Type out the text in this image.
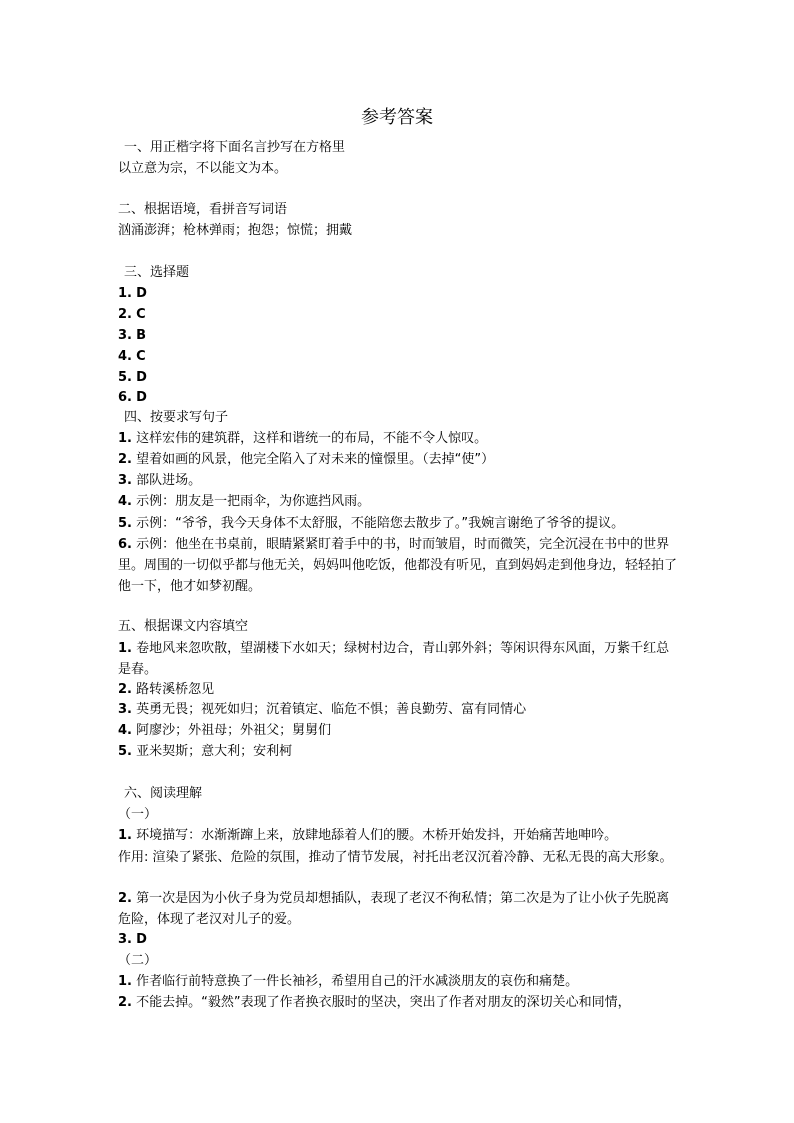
参考答案
一、用正楷字将下面名言抄写在方格里
以立意为宗，不以能文为本。
二、根据语境，看拼音写词语
汹涌澎湃；枪林弹雨；抱怨；惊慌；拥戴
三、选择题
1. D
2. C
3. B
4. C
5. D
6. D
四、按要求写句子
1. 这样宏伟的建筑群，这样和谐统一的布局，不能不令人惊叹。
2. 望着如画的风景，他完全陷入了对未来的憧憬里。（去掉“使”）
3. 部队进场。
4. 示例：朋友是一把雨伞，为你遮挡风雨。
5. 示例：“爷爷，我今天身体不太舒服，不能陪您去散步了。”我婉言谢绝了爷爷的提议。
6. 示例：他坐在书桌前，眼睛紧紧盯着手中的书，时而皱眉，时而微笑，完全沉浸在书中的世界里。周围的一切似乎都与他无关，妈妈叫他吃饭，他都没有听见，直到妈妈走到他身边，轻轻拍了他一下，他才如梦初醒。
五、根据课文内容填空
1. 卷地风来忽吹散，望湖楼下水如天；绿树村边合，青山郭外斜；等闲识得东风面，万紫千红总是春。
2. 路转溪桥忽见
3. 英勇无畏；视死如归；沉着镇定、临危不惧；善良勤劳、富有同情心
4. 阿廖沙；外祖母；外祖父；舅舅们
5. 亚米契斯；意大利；安利柯
六、阅读理解
（一）
1. 环境描写：水渐渐蹿上来，放肆地舔着人们的腰。木桥开始发抖，开始痛苦地呻吟。
作用: 渲染了紧张、危险的氛围，推动了情节发展，衬托出老汉沉着冷静、无私无畏的高大形象。
2. 第一次是因为小伙子身为党员却想插队，表现了老汉不徇私情；第二次是为了让小伙子先脱离危险，体现了老汉对儿子的爱。
3. D
（二）
1. 作者临行前特意换了一件长袖衫，希望用自己的汗水减淡朋友的哀伤和痛楚。
2. 不能去掉。“毅然”表现了作者换衣服时的坚决，突出了作者对朋友的深切关心和同情，
